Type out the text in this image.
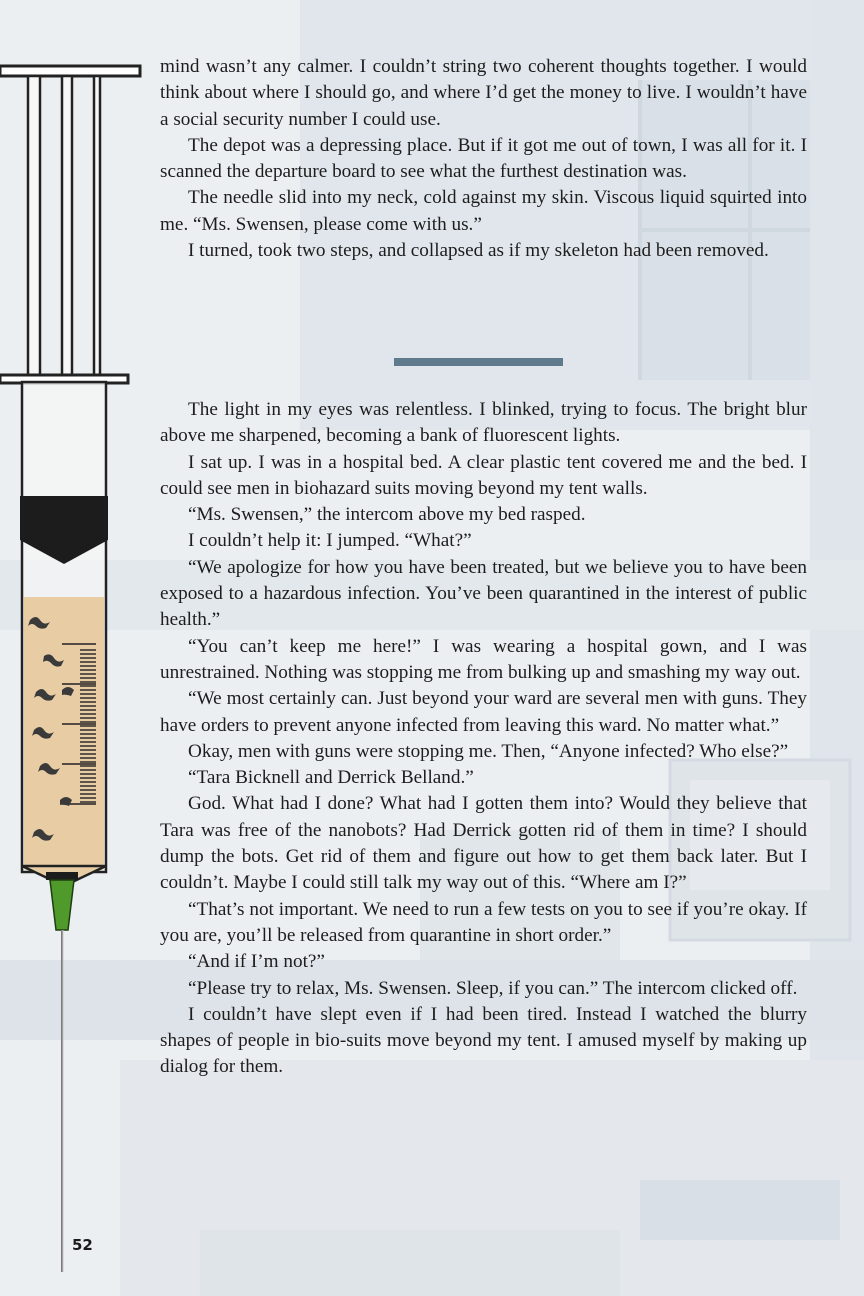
mind wasn’t any calmer. I couldn’t string two coherent thoughts together. I would think about where I should go, and where I’d get the money to live. I wouldn’t have a social security number I could use.

The depot was a depressing place. But if it got me out of town, I was all for it. I scanned the departure board to see what the furthest destination was.

The needle slid into my neck, cold against my skin. Viscous liquid squirted into me. “Ms. Swensen, please come with us.”

I turned, took two steps, and collapsed as if my skeleton had been removed.

The light in my eyes was relentless. I blinked, trying to focus. The bright blur above me sharpened, becoming a bank of fluorescent lights.

I sat up. I was in a hospital bed. A clear plastic tent covered me and the bed. I could see men in biohazard suits moving beyond my tent walls.

“Ms. Swensen,” the intercom above my bed rasped.

I couldn’t help it: I jumped. “What?”

“We apologize for how you have been treated, but we believe you to have been exposed to a hazardous infection. You’ve been quarantined in the interest of public health.”

“You can’t keep me here!” I was wearing a hospital gown, and I was unrestrained. Nothing was stopping me from bulking up and smashing my way out.

“We most certainly can. Just beyond your ward are several men with guns. They have orders to prevent anyone infected from leaving this ward. No matter what.”

Okay, men with guns were stopping me. Then, “Anyone infected? Who else?”

“Tara Bicknell and Derrick Belland.”

God. What had I done? What had I gotten them into? Would they believe that Tara was free of the nanobots? Had Derrick gotten rid of them in time? I should dump the bots. Get rid of them and figure out how to get them back later. But I couldn’t. Maybe I could still talk my way out of this. “Where am I?”

“That’s not important. We need to run a few tests on you to see if you’re okay. If you are, you’ll be released from quarantine in short order.”

“And if I’m not?”

“Please try to relax, Ms. Swensen. Sleep, if you can.” The intercom clicked off.

I couldn’t have slept even if I had been tired. Instead I watched the blurry shapes of people in bio-suits move beyond my tent. I amused myself by making up dialog for them.

52
